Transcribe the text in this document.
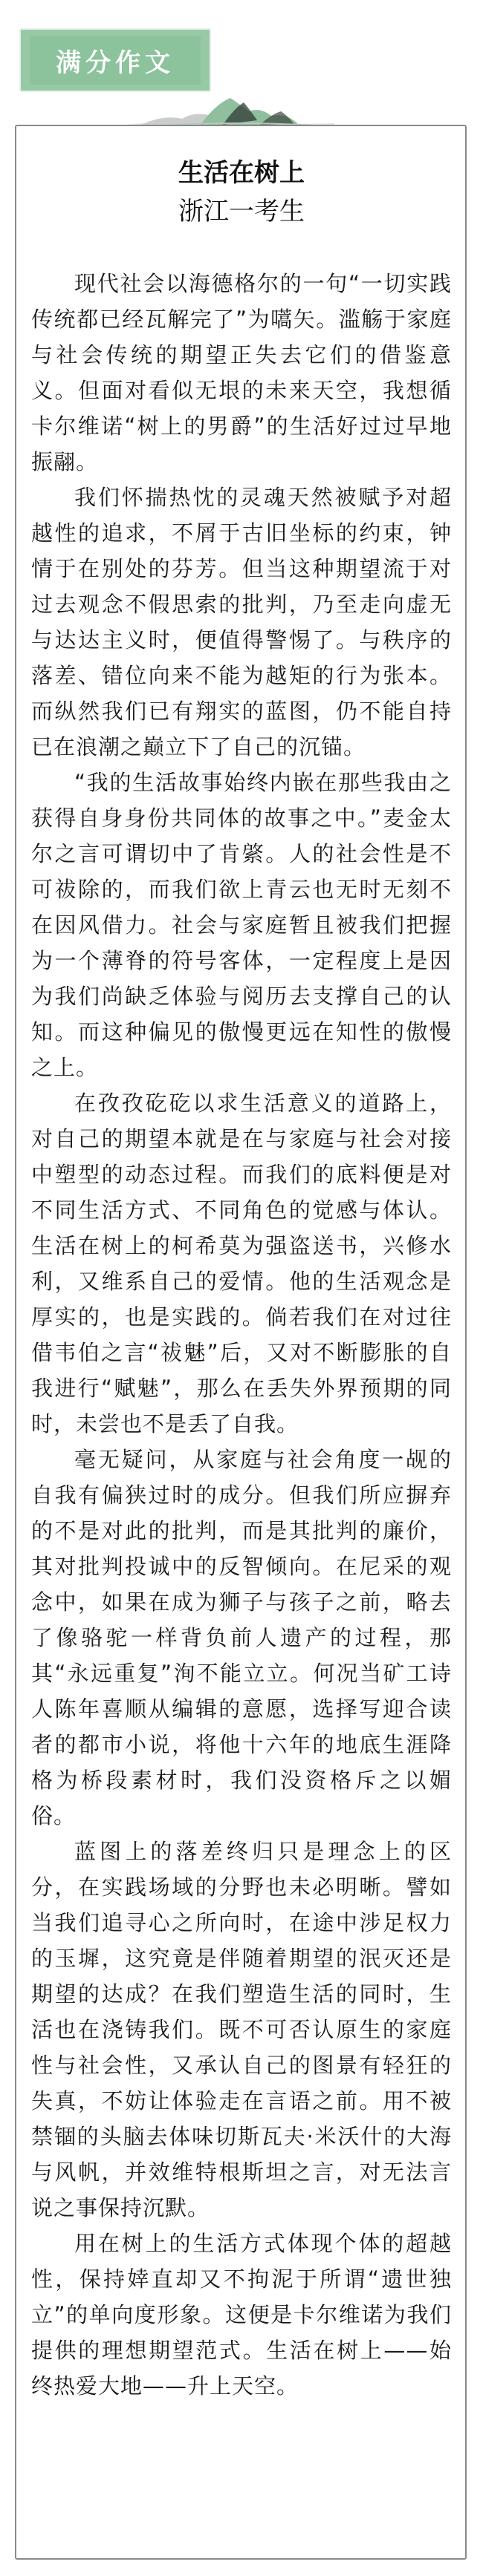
满分作文
生活在树上
浙江一考生

现代社会以海德格尔的一句“一切实践传统都已经瓦解完了”为嚆矢。滥觞于家庭与社会传统的期望正失去它们的借鉴意义。但面对看似无垠的未来天空，我想循卡尔维诺“树上的男爵”的生活好过过早地振翮。

我们怀揣热忱的灵魂天然被赋予对超越性的追求，不屑于古旧坐标的约束，钟情于在别处的芬芳。但当这种期望流于对过去观念不假思索的批判，乃至走向虚无与达达主义时，便值得警惕了。与秩序的落差、错位向来不能为越矩的行为张本。而纵然我们已有翔实的蓝图，仍不能自持已在浪潮之巅立下了自己的沉锚。

“我的生活故事始终内嵌在那些我由之获得自身身份共同体的故事之中。”麦金太尔之言可谓切中了肯綮。人的社会性是不可祓除的，而我们欲上青云也无时无刻不在因风借力。社会与家庭暂且被我们把握为一个薄脊的符号客体，一定程度上是因为我们尚缺乏体验与阅历去支撑自己的认知。而这种偏见的傲慢更远在知性的傲慢之上。

在孜孜矻矻以求生活意义的道路上，对自己的期望本就是在与家庭与社会对接中塑型的动态过程。而我们的底料便是对不同生活方式、不同角色的觉感与体认。生活在树上的柯希莫为强盗送书，兴修水利，又维系自己的爱情。他的生活观念是厚实的，也是实践的。倘若我们在对过往借韦伯之言“祓魅”后，又对不断膨胀的自我进行“赋魅”，那么在丢失外界预期的同时，未尝也不是丢了自我。

毫无疑问，从家庭与社会角度一觇的自我有偏狭过时的成分。但我们所应摒弃的不是对此的批判，而是其批判的廉价，其对批判投诚中的反智倾向。在尼采的观念中，如果在成为狮子与孩子之前，略去了像骆驼一样背负前人遗产的过程，那其“永远重复”洵不能立立。何况当矿工诗人陈年喜顺从编辑的意愿，选择写迎合读者的都市小说，将他十六年的地底生涯降格为桥段素材时，我们没资格斥之以媚俗。

蓝图上的落差终归只是理念上的区分，在实践场域的分野也未必明晰。譬如当我们追寻心之所向时，在途中涉足权力的玉墀，这究竟是伴随着期望的泯灭还是期望的达成？在我们塑造生活的同时，生活也在浇铸我们。既不可否认原生的家庭性与社会性，又承认自己的图景有轻狂的失真，不妨让体验走在言语之前。用不被禁锢的头脑去体味切斯瓦夫·米沃什的大海与风帆，并效维特根斯坦之言，对无法言说之事保持沉默。

用在树上的生活方式体现个体的超越性，保持婞直却又不拘泥于所谓“遗世独立”的单向度形象。这便是卡尔维诺为我们提供的理想期望范式。生活在树上——始终热爱大地——升上天空。
